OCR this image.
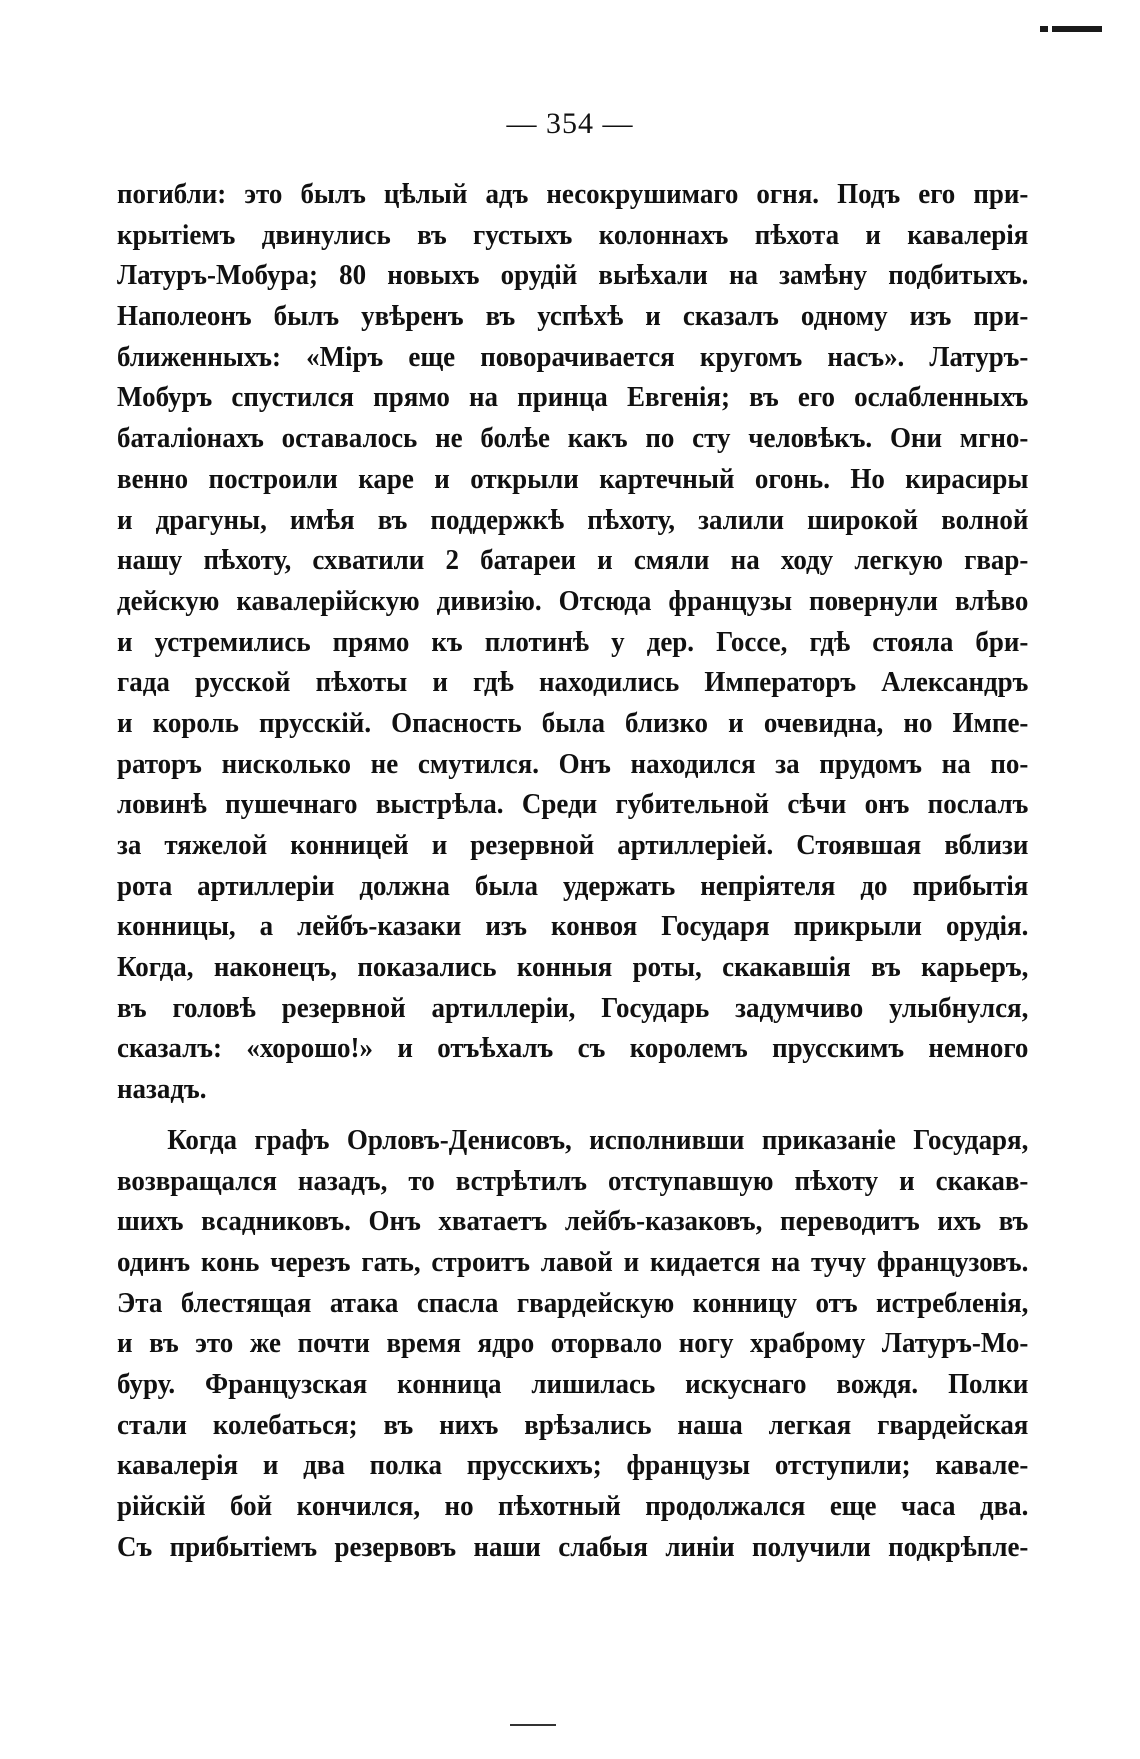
— 354 —
погибли: это былъ цѣлый адъ несокрушимаго огня. Подъ его при-
крытіемъ двинулись въ густыхъ колоннахъ пѣхота и кавалерія
Латуръ-Мобура; 80 новыхъ орудій выѣхали на замѣну подбитыхъ.
Наполеонъ былъ увѣренъ въ успѣхѣ и сказалъ одному изъ при-
ближенныхъ: «Міръ еще поворачивается кругомъ насъ». Латуръ-
Мобуръ спустился прямо на принца Евгенія; въ его ослабленныхъ
баталіонахъ оставалось не болѣе какъ по сту человѣкъ. Они мгно-
венно построили каре и открыли картечный огонь. Но кирасиры
и драгуны, имѣя въ поддержкѣ пѣхоту, залили широкой волной
нашу пѣхоту, схватили 2 батареи и смяли на ходу легкую гвар-
дейскую кавалерійскую дивизію. Отсюда французы повернули влѣво
и устремились прямо къ плотинѣ у дер. Госсе, гдѣ стояла бри-
гада русской пѣхоты и гдѣ находились Императоръ Александръ
и король прусскій. Опасность была близко и очевидна, но Импе-
раторъ нисколько не смутился. Онъ находился за прудомъ на по-
ловинѣ пушечнаго выстрѣла. Среди губительной сѣчи онъ послалъ
за тяжелой конницей и резервной артиллеріей. Стоявшая вблизи
рота артиллеріи должна была удержать непріятеля до прибытія
конницы, а лейбъ-казаки изъ конвоя Государя прикрыли орудія.
Когда, наконецъ, показались конныя роты, скакавшія въ карьеръ,
въ головѣ резервной артиллеріи, Государь задумчиво улыбнулся,
сказалъ: «хорошо!» и отъѣхалъ съ королемъ прусскимъ немного
назадъ.
Когда графъ Орловъ-Денисовъ, исполнивши приказаніе Государя,
возвращался назадъ, то встрѣтилъ отступавшую пѣхоту и скакав-
шихъ всадниковъ. Онъ хватаетъ лейбъ-казаковъ, переводитъ ихъ въ
одинъ конь черезъ гать, строитъ лавой и кидается на тучу французовъ.
Эта блестящая атака спасла гвардейскую конницу отъ истребленія,
и въ это же почти время ядро оторвало ногу храброму Латуръ-Мо-
буру. Французская конница лишилась искуснаго вождя. Полки
стали колебаться; въ нихъ врѣзались наша легкая гвардейская
кавалерія и два полка прусскихъ; французы отступили; кавале-
рійскій бой кончился, но пѣхотный продолжался еще часа два.
Съ прибытіемъ резервовъ наши слабыя линіи получили подкрѣпле-
